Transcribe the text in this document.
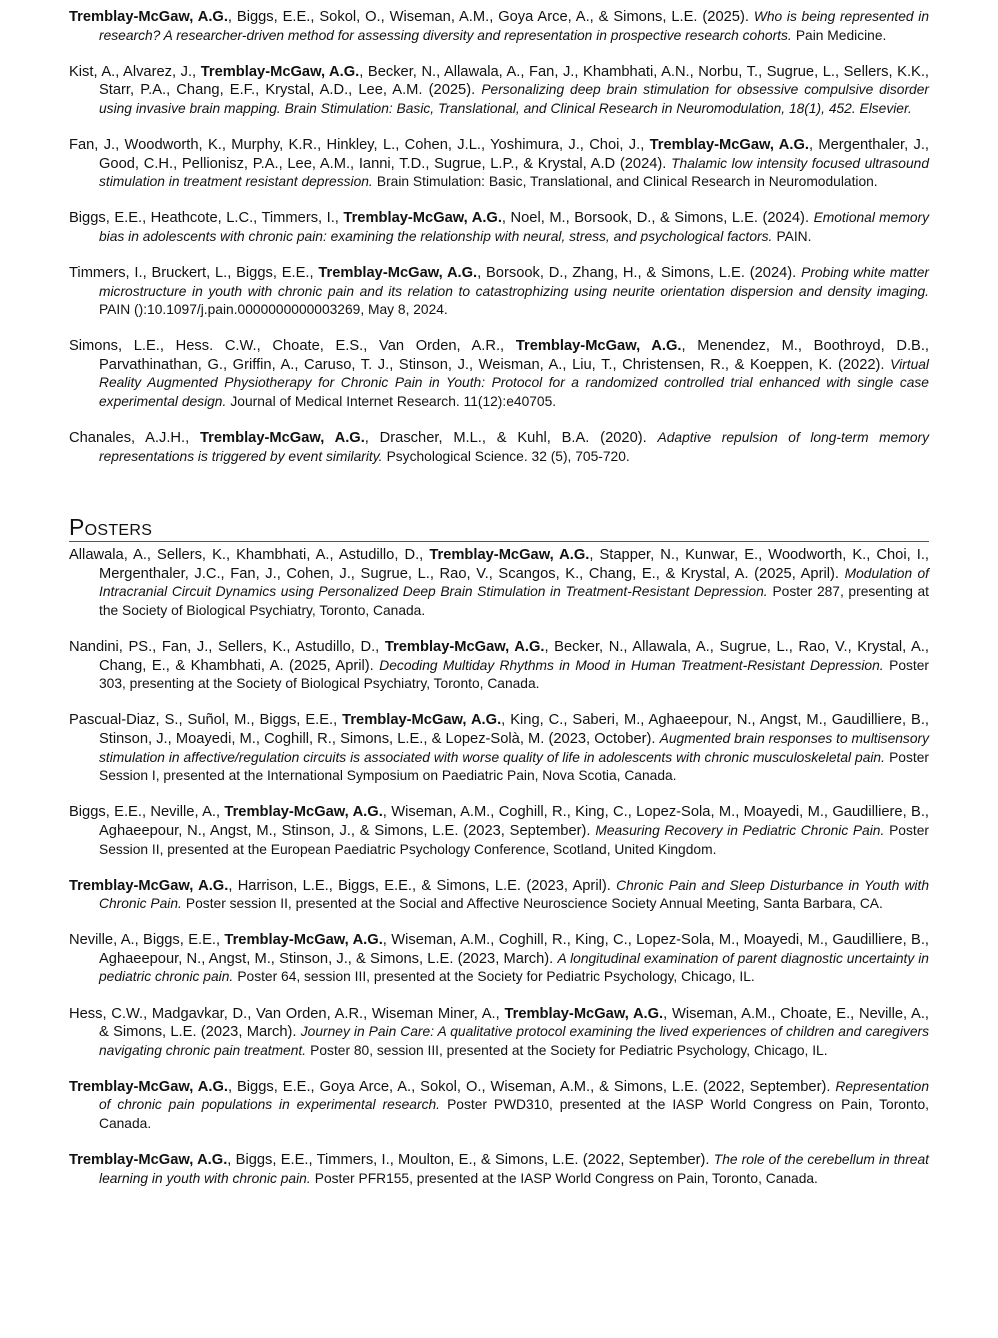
Tremblay-McGaw, A.G., Biggs, E.E., Sokol, O., Wiseman, A.M., Goya Arce, A., & Simons, L.E. (2025). Who is being represented in research? A researcher-driven method for assessing diversity and representation in prospective research cohorts. Pain Medicine.

Kist, A., Alvarez, J., Tremblay-McGaw, A.G., Becker, N., Allawala, A., Fan, J., Khambhati, A.N., Norbu, T., Sugrue, L., Sellers, K.K., Starr, P.A., Chang, E.F., Krystal, A.D., Lee, A.M. (2025). Personalizing deep brain stimulation for obsessive compulsive disorder using invasive brain mapping. Brain Stimulation: Basic, Translational, and Clinical Research in Neuromodulation, 18(1), 452. Elsevier.

Fan, J., Woodworth, K., Murphy, K.R., Hinkley, L., Cohen, J.L., Yoshimura, J., Choi, J., Tremblay-McGaw, A.G., Mergenthaler, J., Good, C.H., Pellionisz, P.A., Lee, A.M., Ianni, T.D., Sugrue, L.P., & Krystal, A.D (2024). Thalamic low intensity focused ultrasound stimulation in treatment resistant depression. Brain Stimulation: Basic, Translational, and Clinical Research in Neuromodulation.

Biggs, E.E., Heathcote, L.C., Timmers, I., Tremblay-McGaw, A.G., Noel, M., Borsook, D., & Simons, L.E. (2024). Emotional memory bias in adolescents with chronic pain: examining the relationship with neural, stress, and psychological factors. PAIN.

Timmers, I., Bruckert, L., Biggs, E.E., Tremblay-McGaw, A.G., Borsook, D., Zhang, H., & Simons, L.E. (2024). Probing white matter microstructure in youth with chronic pain and its relation to catastrophizing using neurite orientation dispersion and density imaging. PAIN ():10.1097/j.pain.0000000000003269, May 8, 2024.

Simons, L.E., Hess. C.W., Choate, E.S., Van Orden, A.R., Tremblay-McGaw, A.G., Menendez, M., Boothroyd, D.B., Parvathinathan, G., Griffin, A., Caruso, T. J., Stinson, J., Weisman, A., Liu, T., Christensen, R., & Koeppen, K. (2022). Virtual Reality Augmented Physiotherapy for Chronic Pain in Youth: Protocol for a randomized controlled trial enhanced with single case experimental design. Journal of Medical Internet Research. 11(12):e40705.

Chanales, A.J.H., Tremblay-McGaw, A.G., Drascher, M.L., & Kuhl, B.A. (2020). Adaptive repulsion of long-term memory representations is triggered by event similarity. Psychological Science. 32 (5), 705-720.

Posters

Allawala, A., Sellers, K., Khambhati, A., Astudillo, D., Tremblay-McGaw, A.G., Stapper, N., Kunwar, E., Woodworth, K., Choi, I., Mergenthaler, J.C., Fan, J., Cohen, J., Sugrue, L., Rao, V., Scangos, K., Chang, E., & Krystal, A. (2025, April). Modulation of Intracranial Circuit Dynamics using Personalized Deep Brain Stimulation in Treatment-Resistant Depression. Poster 287, presenting at the Society of Biological Psychiatry, Toronto, Canada.

Nandini, PS., Fan, J., Sellers, K., Astudillo, D., Tremblay-McGaw, A.G., Becker, N., Allawala, A., Sugrue, L., Rao, V., Krystal, A., Chang, E., & Khambhati, A. (2025, April). Decoding Multiday Rhythms in Mood in Human Treatment-Resistant Depression. Poster 303, presenting at the Society of Biological Psychiatry, Toronto, Canada.

Pascual-Diaz, S., Suñol, M., Biggs, E.E., Tremblay-McGaw, A.G., King, C., Saberi, M., Aghaeepour, N., Angst, M., Gaudilliere, B., Stinson, J., Moayedi, M., Coghill, R., Simons, L.E., & Lopez-Solà, M. (2023, October). Augmented brain responses to multisensory stimulation in affective/regulation circuits is associated with worse quality of life in adolescents with chronic musculoskeletal pain. Poster Session I, presented at the International Symposium on Paediatric Pain, Nova Scotia, Canada.

Biggs, E.E., Neville, A., Tremblay-McGaw, A.G., Wiseman, A.M., Coghill, R., King, C., Lopez-Sola, M., Moayedi, M., Gaudilliere, B., Aghaeepour, N., Angst, M., Stinson, J., & Simons, L.E. (2023, September). Measuring Recovery in Pediatric Chronic Pain. Poster Session II, presented at the European Paediatric Psychology Conference, Scotland, United Kingdom.

Tremblay-McGaw, A.G., Harrison, L.E., Biggs, E.E., & Simons, L.E. (2023, April). Chronic Pain and Sleep Disturbance in Youth with Chronic Pain. Poster session II, presented at the Social and Affective Neuroscience Society Annual Meeting, Santa Barbara, CA.

Neville, A., Biggs, E.E., Tremblay-McGaw, A.G., Wiseman, A.M., Coghill, R., King, C., Lopez-Sola, M., Moayedi, M., Gaudilliere, B., Aghaeepour, N., Angst, M., Stinson, J., & Simons, L.E. (2023, March). A longitudinal examination of parent diagnostic uncertainty in pediatric chronic pain. Poster 64, session III, presented at the Society for Pediatric Psychology, Chicago, IL.

Hess, C.W., Madgavkar, D., Van Orden, A.R., Wiseman Miner, A., Tremblay-McGaw, A.G., Wiseman, A.M., Choate, E., Neville, A., & Simons, L.E. (2023, March). Journey in Pain Care: A qualitative protocol examining the lived experiences of children and caregivers navigating chronic pain treatment. Poster 80, session III, presented at the Society for Pediatric Psychology, Chicago, IL.

Tremblay-McGaw, A.G., Biggs, E.E., Goya Arce, A., Sokol, O., Wiseman, A.M., & Simons, L.E. (2022, September). Representation of chronic pain populations in experimental research. Poster PWD310, presented at the IASP World Congress on Pain, Toronto, Canada.

Tremblay-McGaw, A.G., Biggs, E.E., Timmers, I., Moulton, E., & Simons, L.E. (2022, September). The role of the cerebellum in threat learning in youth with chronic pain. Poster PFR155, presented at the IASP World Congress on Pain, Toronto, Canada.
